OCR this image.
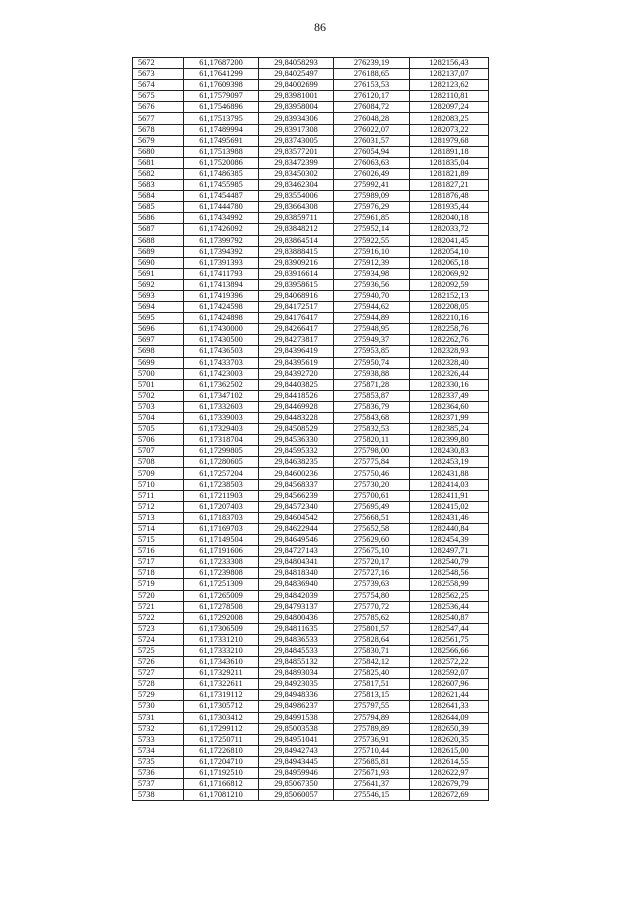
86
5672	61,17687200	29,84058293	276239,19	1282156,43
5673	61,17641299	29,84025497	276188,65	1282137,07
5674	61,17609398	29,84002699	276153,53	1282123,62
5675	61,17579097	29,83981001	276120,17	1282110,81
5676	61,17546896	29,83958004	276084,72	1282097,24
5677	61,17513795	29,83934306	276048,28	1282083,25
5678	61,17489994	29,83917308	276022,07	1282073,22
5679	61,17495691	29,83743005	276031,57	1281979,68
5680	61,17513988	29,83577201	276054,94	1281891,18
5681	61,17520086	29,83472399	276063,63	1281835,04
5682	61,17486385	29,83450302	276026,49	1281821,89
5683	61,17455985	29,83462304	275992,41	1281827,21
5684	61,17454487	29,83554006	275989,09	1281876,48
5685	61,17444780	29,83664308	275976,29	1281935,44
5686	61,17434992	29,83859711	275961,85	1282040,18
5687	61,17426092	29,83848212	275952,14	1282033,72
5688	61,17399792	29,83864514	275922,55	1282041,45
5689	61,17394392	29,83888415	275916,10	1282054,10
5690	61,17391393	29,83909216	275912,39	1282065,18
5691	61,17411793	29,83916614	275934,98	1282069,92
5692	61,17413894	29,83958615	275936,56	1282092,59
5693	61,17419396	29,84068916	275940,70	1282152,13
5694	61,17424598	29,84172517	275944,62	1282208,05
5695	61,17424898	29,84176417	275944,89	1282210,16
5696	61,17430000	29,84266417	275948,95	1282258,76
5697	61,17430500	29,84273817	275949,37	1282262,76
5698	61,17436503	29,84396419	275953,85	1282328,93
5699	61,17433703	29,84395619	275950,74	1282328,40
5700	61,17423003	29,84392720	275938,88	1282326,44
5701	61,17362502	29,84403825	275871,28	1282330,16
5702	61,17347102	29,84418526	275853,87	1282337,49
5703	61,17332603	29,84469928	275836,79	1282364,60
5704	61,17339003	29,84483228	275843,68	1282371,99
5705	61,17329403	29,84508529	275832,53	1282385,24
5706	61,17318704	29,84536330	275820,11	1282399,80
5707	61,17299805	29,84595332	275798,00	1282430,83
5708	61,17280605	29,84638235	275775,84	1282453,19
5709	61,17257204	29,84600236	275750,46	1282431,88
5710	61,17238503	29,84568337	275730,20	1282414,03
5711	61,17211903	29,84566239	275700,61	1282411,91
5712	61,17207403	29,84572340	275695,49	1282415,02
5713	61,17183703	29,84604542	275668,51	1282431,46
5714	61,17169703	29,84622944	275652,58	1282440,84
5715	61,17149504	29,84649546	275629,60	1282454,39
5716	61,17191606	29,84727143	275675,10	1282497,71
5717	61,17233308	29,84804341	275720,17	1282540,79
5718	61,17239808	29,84818340	275727,16	1282548,56
5719	61,17251309	29,84836940	275739,63	1282558,99
5720	61,17265009	29,84842039	275754,80	1282562,25
5721	61,17278508	29,84793137	275770,72	1282536,44
5722	61,17292008	29,84800436	275785,62	1282540,87
5723	61,17306509	29,84811635	275801,57	1282547,44
5724	61,17331210	29,84836533	275828,64	1282561,75
5725	61,17333210	29,84845533	275830,71	1282566,66
5726	61,17343610	29,84855132	275842,12	1282572,22
5727	61,17329211	29,84893034	275825,40	1282592,07
5728	61,17322611	29,84923035	275817,51	1282607,96
5729	61,17319112	29,84948336	275813,15	1282621,44
5730	61,17305712	29,84986237	275797,55	1282641,33
5731	61,17303412	29,84991538	275794,89	1282644,09
5732	61,17299112	29,85003538	275789,89	1282650,39
5733	61,17250711	29,84951041	275736,91	1282620,35
5734	61,17226810	29,84942743	275710,44	1282615,00
5735	61,17204710	29,84943445	275685,81	1282614,55
5736	61,17192510	29,84959946	275671,93	1282622,97
5737	61,17166812	29,85067350	275641,37	1282679,79
5738	61,17081210	29,85060057	275546,15	1282672,69
